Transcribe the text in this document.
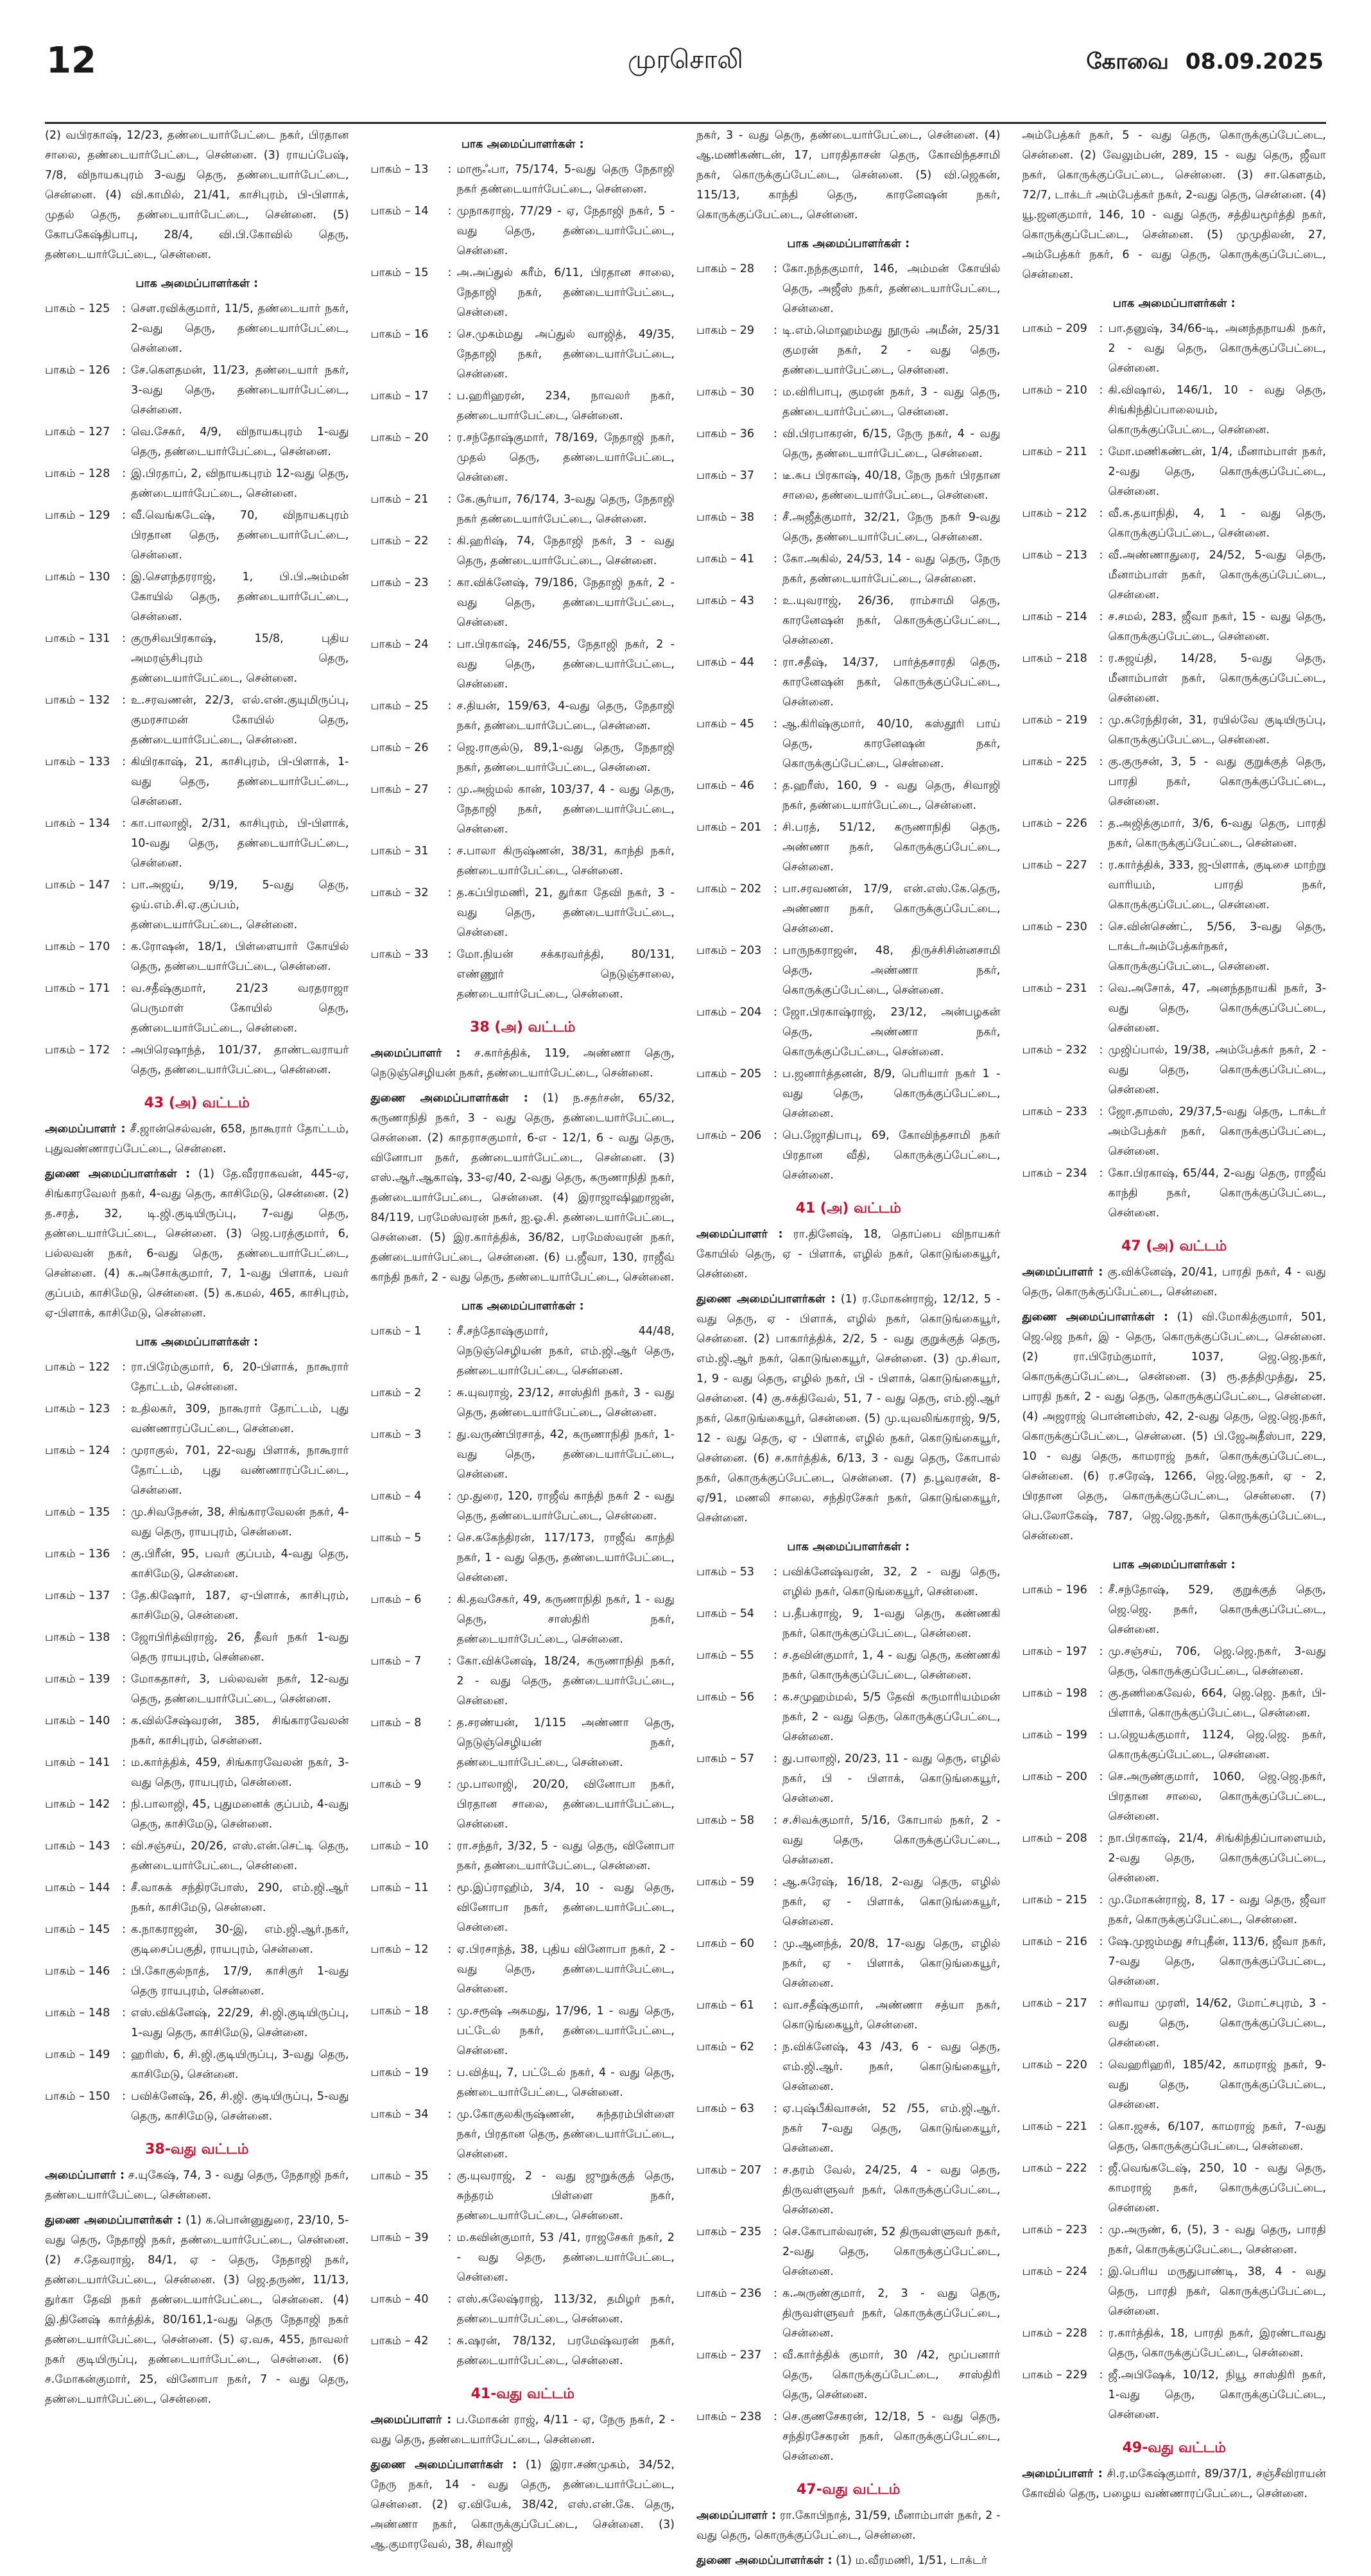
12	முரசொலி	கோவை 08.09.2025
(2) வபிரகாஷ், 12/23, தண்டையார்பேட்டை நகர், பிரதான சாலை, தண்டையார்பேட்டை, சென்னை. (3) ராயப்பேஷ், 7/8, விநாயகபுரம் 3-வது தெரு, தண்டையார்பேட்டை, சென்னை. (4) வி.காமில், 21/41, காசிபுரம், பி-பிளாக், முதல் தெரு, தண்டையார்பேட்டை, சென்னை. (5) கோபகேஷ்திபாபு, 28/4, வி.பி.கோவில் தெரு, தண்டையார்பேட்டை, சென்னை.
பாக அமைப்பாளர்கள் :
பாகம் – 125	: சௌ.ரவிக்குமார், 11/5, தண்டையார் நகர், 2-வது தெரு, தண்டையார்பேட்டை, சென்னை.
பாகம் – 126	: சே.கௌதமன், 11/23, தண்டையார் நகர், 3-வது தெரு, தண்டையார்பேட்டை, சென்னை.
பாகம் – 127	: வெ.சேகர், 4/9, விநாயகபுரம் 1-வது தெரு, தண்டையார்பேட்டை, சென்னை.
பாகம் – 128	: இ.பிரதாப், 2, விநாயகபுரம் 12-வது தெரு, தண்டையார்பேட்டை, சென்னை.
பாகம் – 129	: வீ.வெங்கடேஷ், 70, விநாயகபுரம் பிரதான தெரு, தண்டையார்பேட்டை, சென்னை.
பாகம் – 130	: இ.செளந்தரராஜ், 1, பி.பி.அம்மன் கோயில் தெரு, தண்டையார்பேட்டை, சென்னை.
பாகம் – 131	: குருசிவபிரகாஷ், 15/8, புதிய அமரஞ்சிபுரம் தெரு, தண்டையார்பேட்டை, சென்னை.
பாகம் – 132	: உ.சரவணன், 22/3, எல்.என்.குயுமிருப்பு, குமரசாமன் கோயில் தெரு, தண்டையார்பேட்டை, சென்னை.
பாகம் – 133	: கியிரகாஷ், 21, காசிபுரம், பி-பிளாக், 1-வது தெரு, தண்டையார்பேட்டை, சென்னை.
பாகம் – 134	: கா.பாலாஜி, 2/31, காசிபுரம், பி-பிளாக், 10-வது தெரு, தண்டையார்பேட்டை, சென்னை.
பாகம் – 147	: பா.அஜய், 9/19, 5-வது தெரு, ஒய்.எம்.சி.ஏ.குப்பம், தண்டையார்பேட்டை, சென்னை.
பாகம் – 170	: க.ரோஷன், 18/1, பிள்ளையார் கோயில் தெரு, தண்டையார்பேட்டை, சென்னை.
பாகம் – 171	: வ.சதீஷ்குமார், 21/23 வரதராஜா பெருமாள் கோயில் தெரு, தண்டையார்பேட்டை, சென்னை.
பாகம் – 172	: அபிரெஷாந்த், 101/37, தாண்டவராயர் தெரு, தண்டையார்பேட்டை, சென்னை.
43 (அ) வட்டம்
அமைப்பாளர் : சீ.ஜான்செல்வன், 658, நாகூரார் தோட்டம், புதுவண்ணாரப்பேட்டை, சென்னை.
துணை அமைப்பாளர்கள் : (1) தே.வீரராகவன், 445-ஏ, சிங்காரவேலர் நகர், 4-வது தெரு, காசிமேடு, சென்னை. (2) த.சரத், 32, டி.ஜி.குடியிருப்பு, 7-வது தெரு, தண்டையார்பேட்டை, சென்னை. (3) ஜெ.பரத்குமார், 6, பல்லவன் நகர், 6-வது தெரு, தண்டையார்பேட்டை, சென்னை. (4) சு.அசோக்குமார், 7, 1-வது பிளாக், பவர் குப்பம், காசிமேடு, சென்னை. (5) க.கமல், 465, காசிபுரம், ஏ-பிளாக், காசிமேடு, சென்னை.
பாக அமைப்பாளர்கள் :
பாகம் – 122	: ரா.பிரேம்குமார், 6, 20-பிளாக், நாகூரார் தோட்டம், சென்னை.
பாகம் – 123	: உதிலகர், 309, நாகூரார் தோட்டம், புது வண்ணாரப்பேட்டை, சென்னை.
பாகம் – 124	: முராகுல், 701, 22-வது பிளாக், நாகூரார் தோட்டம், புது வண்ணாரப்பேட்டை, சென்னை.
பாகம் – 135	: மு.சிவநேசன், 38, சிங்காரவேலன் நகர், 4-வது தெரு, ராயபுரம், சென்னை.
பாகம் – 136	: கு.பிரீன், 95, பவர் குப்பம், 4-வது தெரு, காசிமேடு, சென்னை.
பாகம் – 137	: தே.கிஷோர், 187, ஏ-பிளாக், காசிபுரம், காசிமேடு, சென்னை.
பாகம் – 138	: ஜோபிரித்விராஜ், 26, தீவர் நகர் 1-வது தெரு ராயபுரம், சென்னை.
பாகம் – 139	: மோகதாசர், 3, பல்லவன் நகர், 12-வது தெரு, தண்டையார்பேட்டை, சென்னை.
பாகம் – 140	: க.வில்சேஷ்வரன், 385, சிங்காரவேலன் நகர், காசிபுரம், சென்னை.
பாகம் – 141	: ம.கார்த்திக், 459, சிங்காரவேலன் நகர், 3-வது தெரு, ராயபுரம், சென்னை.
பாகம் – 142	: நி.பாலாஜி, 45, புதுமனைக் குப்பம், 4-வது தெரு, காசிமேடு, சென்னை.
பாகம் – 143	: வி.சஞ்சய், 20/26, எஸ்.என்.செட்டி தெரு, தண்டையார்பேட்டை, சென்னை.
பாகம் – 144	: சீ.வாசுக் சந்திரபோஸ், 290, எம்.ஜி.ஆர் நகர், காசிமேடு, சென்னை.
பாகம் – 145	: க.நாகராஜன், 30-இ, எம்.ஜி.ஆர்.நகர், குடிசைப்பகுதி, ராயபுரம், சென்னை.
பாகம் – 146	: பி.கோகுல்நாத், 17/9, காசிகுர் 1-வது தெரு ராயபுரம், சென்னை.
பாகம் – 148	: எஸ்.விக்னேஷ், 22/29, சி.ஜி.குடியிருப்பு, 1-வது தெரு, காசிமேடு, சென்னை.
பாகம் – 149	: ஹரிஸ், 6, சி.ஜி.குடியிருப்பு, 3-வது தெரு, காசிமேடு, சென்னை.
பாகம் – 150	: பவிக்னேஷ், 26, சி.ஜி. குடியிருப்பு, 5-வது தெரு, காசிமேடு, சென்னை.
38-வது வட்டம்
அமைப்பாளர் : ச.யுகேஷ், 74, 3 - வது தெரு, நேதாஜி நகர், தண்டையார்பேட்டை, சென்னை.
துணை அமைப்பாளர்கள் : (1) க.பொன்னுதுரை, 23/10, 5-வது தெரு, நேதாஜி நகர், தண்டையார்பேட்டை, சென்னை. (2) ச.தேவராஜ், 84/1, ஏ - தெரு, நேதாஜி நகர், தண்டையார்பேட்டை, சென்னை. (3) ஜெ.தருண், 11/13, துர்கா தேவி நகர் தண்டையார்பேட்டை, சென்னை. (4) இ.தினேஷ் கார்த்திக், 80/161,1-வது தெரு நேதாஜி நகர் தண்டையார்பேட்டை, சென்னை. (5) ஏ.வசு, 455, நாவலர் நகர் குடியிருப்பு, தண்டையார்பேட்டை, சென்னை. (6) ச.மோகன்குமார், 25, வினோபா நகர், 7 - வது தெரு, தண்டையார்பேட்டை, சென்னை.
பாக அமைப்பாளர்கள் :
பாகம் – 13	: மாரூஃபா, 75/174, 5-வது தெரு நேதாஜி நகர் தண்டையார்பேட்டை, சென்னை.
பாகம் – 14	: முநாகராஜ், 77/29 - ஏ, நேதாஜி நகர், 5 - வது தெரு, தண்டையார்பேட்டை, சென்னை.
பாகம் – 15	: அ.அப்துல் கரீம், 6/11, பிரதான சாலை, நேதாஜி நகர், தண்டையார்பேட்டை, சென்னை.
பாகம் – 16	: செ.முகம்மது அப்துல் வாஜித், 49/35, நேதாஜி நகர், தண்டையார்பேட்டை, சென்னை.
பாகம் – 17	: ப.ஹரிஹரன், 234, நாவலர் நகர், தண்டையார்பேட்டை, சென்னை.
பாகம் – 20	: ர.சந்தோஷ்குமார், 78/169, நேதாஜி நகர், முதல் தெரு, தண்டையார்பேட்டை, சென்னை.
பாகம் – 21	: கே.சூர்யா, 76/174, 3-வது தெரு, நேதாஜி நகர் தண்டையார்பேட்டை, சென்னை.
பாகம் – 22	: கி.ஹரிஷ், 74, நேதாஜி நகர், 3 - வது தெரு, தண்டையார்பேட்டை, சென்னை.
பாகம் – 23	: கா.விக்னேஷ், 79/186, நேதாஜி நகர், 2 - வது தெரு, தண்டையார்பேட்டை, சென்னை.
பாகம் – 24	: பா.பிரகாஷ், 246/55, நேதாஜி நகர், 2 - வது தெரு, தண்டையார்பேட்டை, சென்னை.
பாகம் – 25	: ச.தியன், 159/63, 4-வது தெரு, நேதாஜி நகர், தண்டையார்பேட்டை, சென்னை.
பாகம் – 26	: ஜெ.ராகுல்டு, 89,1-வது தெரு, நேதாஜி நகர், தண்டையார்பேட்டை, சென்னை.
பாகம் – 27	: மு.அஜ்மல் கான், 103/37, 4 - வது தெரு, நேதாஜி நகர், தண்டையார்பேட்டை, சென்னை.
பாகம் – 31	: ச.பாலா கிருஷ்ணன், 38/31, காந்தி நகர், தண்டையார்பேட்டை, சென்னை.
பாகம் – 32	: த.கப்பிரமணி, 21, துர்கா தேவி நகர், 3 - வது தெரு, தண்டையார்பேட்டை, சென்னை.
பாகம் – 33	: மோ.நியன் சக்கரவர்த்தி, 80/131, எண்ணூர் நெடுஞ்சாலை, தண்டையார்பேட்டை, சென்னை.
38 (அ) வட்டம்
அமைப்பாளர் : ச.கார்த்திக், 119, அண்ணா தெரு, நெடுஞ்செழியன் நகர், தண்டையார்பேட்டை, சென்னை.
துணை அமைப்பாளர்கள் : (1) ந.சதர்சன், 65/32, கருணாநிதி நகர், 3 - வது தெரு, தண்டையார்பேட்டை, சென்னை. (2) காதராசகுமார், 6-எ - 12/1, 6 - வது தெரு, வினோபா நகர், தண்டையார்பேட்டை, சென்னை. (3) எஸ்.ஆர்.ஆகாஷ், 33-ஏ/40, 2-வது தெரு, கருணாநிதி நகர், தண்டையார்பேட்டை, சென்னை. (4) இராஜாஷிஹாஜன், 84/119, பரமேஸ்வரன் நகர், ஐ.ஓ.சி. தண்டையார்பேட்டை, சென்னை. (5) இர.கார்த்திக், 36/82, பரமேஸ்வரன் நகர், தண்டையார்பேட்டை, சென்னை. (6) ப.ஜீவா, 130, ராஜீவ் காந்தி நகர், 2 - வது தெரு, தண்டையார்பேட்டை, சென்னை.
பாக அமைப்பாளர்கள் :
பாகம் – 1	: சீ.சந்தோஷ்குமார், 44/48, நெடுஞ்செழியன் நகர், எம்.ஜி.ஆர் தெரு, தண்டையார்பேட்டை, சென்னை.
பாகம் – 2	: சு.யுவராஜ், 23/12, சாஸ்திரி நகர், 3 - வது தெரு, தண்டையார்பேட்டை, சென்னை.
பாகம் – 3	: து.வருண்பிரசாத், 42, கருணாநிதி நகர், 1-வது தெரு, தண்டையார்பேட்டை, சென்னை.
பாகம் – 4	: மு.துரை, 120, ராஜீவ் காந்தி நகர் 2 - வது தெரு, தண்டையார்பேட்டை, சென்னை.
பாகம் – 5	: செ.சுகேந்திரன், 117/173, ராஜீவ் காந்தி நகர், 1 - வது தெரு, தண்டையார்பேட்டை, சென்னை.
பாகம் – 6	: கி.தவசேகர், 49, கருணாநிதி நகர், 1 - வது தெரு, சாஸ்திரி நகர், தண்டையார்பேட்டை, சென்னை.
பாகம் – 7	: கோ.விக்னேஷ், 18/24, கருணாநிதி நகர், 2 - வது தெரு, தண்டையார்பேட்டை, சென்னை.
பாகம் – 8	: த.சரண்யன், 1/115 அண்ணா தெரு, நெடுஞ்செழியன் நகர், தண்டையார்பேட்டை, சென்னை.
பாகம் – 9	: மு.பாலாஜி, 20/20, வினோபா நகர், பிரதான சாலை, தண்டையார்பேட்டை, சென்னை.
பாகம் – 10	: ரா.சந்தர், 3/32, 5 - வது தெரு, வினோபா நகர், தண்டையார்பேட்டை, சென்னை.
பாகம் – 11	: மூ.இப்ராஹிம், 3/4, 10 - வது தெரு, வினோபா நகர், தண்டையார்பேட்டை, சென்னை.
பாகம் – 12	: ஏ.பிரசாந்த், 38, புதிய வினோபா நகர், 2 - வது தெரு, தண்டையார்பேட்டை, சென்னை.
பாகம் – 18	: மு.சரூஷ் அகமது, 17/96, 1 - வது தெரு, பட்டேல் நகர், தண்டையார்பேட்டை, சென்னை.
பாகம் – 19	: ப.வித்யு, 7, பட்டேல் நகர், 4 - வது தெரு, தண்டையார்பேட்டை, சென்னை.
பாகம் – 34	: மு.கோகுலகிருஷ்ணன், சுந்தரம்பிள்ளை நகர், பிரதான தெரு, தண்டையார்பேட்டை, சென்னை.
பாகம் – 35	: கு.யுவராஜ், 2 - வது ஜுறுக்குத் தெரு, சுந்தரம் பிள்ளை நகர், தண்டையார்பேட்டை, சென்னை.
பாகம் – 39	: ம.கவின்குமார், 53 /41, ராஜசேகர் நகர், 2 - வது தெரு, தண்டையார்பேட்டை, சென்னை.
பாகம் – 40	: எஸ்.சுலேஷ்ராஜ், 113/32, தமிழர் நகர், தண்டையார்பேட்டை, சென்னை.
பாகம் – 42	: சு.ஷரன், 78/132, பரமேஷ்வரன் நகர், தண்டையார்பேட்டை, சென்னை.
41-வது வட்டம்
அமைப்பாளர் : ப.மோகன் ராஜ், 4/11 - ஏ, நேரு நகர், 2 - வது தெரு, தண்டையார்பேட்டை, சென்னை.
துணை அமைப்பாளர்கள் : (1) இரா.சண்முகம், 34/52, நேரு நகர், 14 - வது தெரு, தண்டையார்பேட்டை, சென்னை. (2) ஏ.வியேக், 38/42, எஸ்.என்.கே. தெரு, அண்ணா நகர், கொருக்குப்பேட்டை, சென்னை. (3) ஆ.குமாரவேல், 38, சிவாஜி
நகர், 3 - வது தெரு, தண்டையார்பேட்டை, சென்னை. (4) ஆ.மணிகண்டன், 17, பாரதிதாசன் தெரு, கோவிந்தசாமி நகர், கொருக்குப்பேட்டை, சென்னை. (5) வி.ஜெகன், 115/13, காந்தி தெரு, காரனேஷன் நகர், கொருக்குப்பேட்டை, சென்னை.
பாக அமைப்பாளர்கள் :
பாகம் – 28	: கோ.நந்தகுமார், 146, அம்மன் கோயில் தெரு, அஜீஸ் நகர், தண்டையார்பேட்டை, சென்னை.
பாகம் – 29	: டி.எம்.மொஹம்மது நூருல் அமீன், 25/31 குமரன் நகர், 2 - வது தெரு, தண்டையார்பேட்டை, சென்னை.
பாகம் – 30	: ம.விரிபாபு, குமரன் நகர், 3 - வது தெரு, தண்டையார்பேட்டை, சென்னை.
பாகம் – 36	: வி.பிரபாகரன், 6/15, நேரு நகர், 4 - வது தெரு, தண்டையார்பேட்டை, சென்னை.
பாகம் – 37	: டீ.சுப பிரகாஷ், 40/18, நேரு நகர் பிரதான சாலை, தண்டையார்பேட்டை, சென்னை.
பாகம் – 38	: சீ.அஜீத்குமார், 32/21, நேரு நகர் 9-வது தெரு, தண்டையார்பேட்டை, சென்னை.
பாகம் – 41	: கோ.அகில், 24/53, 14 - வது தெரு, நேரு நகர், தண்டையார்பேட்டை, சென்னை.
பாகம் – 43	: உ.யுவராஜ், 26/36, ராம்சாமி தெரு, காரனேஷன் நகர், கொருக்குப்பேட்டை, சென்னை.
பாகம் – 44	: ரா.சதீஷ், 14/37, பார்த்தசாரதி தெரு, காரனேஷன் நகர், கொருக்குப்பேட்டை, சென்னை.
பாகம் – 45	: ஆ.கிரிஷ்குமார், 40/10, கஸ்தூரி பாய் தெரு, காரனேஷன் நகர், கொருக்குப்பேட்டை, சென்னை.
பாகம் – 46	: த.ஹரீஸ், 160, 9 - வது தெரு, சிவாஜி நகர், தண்டையார்பேட்டை, சென்னை.
பாகம் – 201	: சி.பரத், 51/12, கருணாநிதி தெரு, அண்ணா நகர், கொருக்குப்பேட்டை, சென்னை.
பாகம் – 202	: பா.சரவணன், 17/9, என்.எஸ்.கே.தெரு, அண்ணா நகர், கொருக்குப்பேட்டை, சென்னை.
பாகம் – 203	: பாருநகராஜன், 48, திருச்சிசின்னசாமி தெரு, அண்ணா நகர், கொருக்குப்பேட்டை, சென்னை.
பாகம் – 204	: ஜோ.பிரகாஷ்ராஜ், 23/12, அன்பழகன் தெரு, அண்ணா நகர், கொருக்குப்பேட்டை, சென்னை.
பாகம் – 205	: ப.ஜனார்த்தனன், 8/9, பெரியார் நகர் 1 - வது தெரு, கொருக்குப்பேட்டை, சென்னை.
பாகம் – 206	: பெ.ஜோதிபாபு, 69, கோவிந்தசாமி நகர் பிரதான வீதி, கொருக்குப்பேட்டை, சென்னை.
41 (அ) வட்டம்
அமைப்பாளர் : ரா.தினேஷ், 18, தொப்பை விநாயகர் கோயில் தெரு, ஏ - பிளாக், எழில் நகர், கொடுங்கையூர், சென்னை.
துணை அமைப்பாளர்கள் : (1) ர.மோகன்ராஜ், 12/12, 5 - வது தெரு, ஏ - பிளாக், எழில் நகர், கொடுங்கையூர், சென்னை. (2) பாகார்த்திக், 2/2, 5 - வது குறுக்குத் தெரு, எம்.ஜி.ஆர் நகர், கொடுங்கையூர், சென்னை. (3) மு.சிவா, 1, 9 - வது தெரு, எழில் நகர், பி - பிளாக், கொடுங்கையூர், சென்னை. (4) கு.சக்திவேல், 51, 7 - வது தெரு, எம்.ஜி.ஆர் நகர், கொடுங்கையூர், சென்னை. (5) மு.யுவலிங்கராஜ், 9/5, 12 - வது தெரு, ஏ - பிளாக், எழில் நகர், கொடுங்கையூர், சென்னை. (6) ச.கார்த்திக், 6/13, 3 - வது தெரு, கோபால் நகர், கொருக்குப்பேட்டை, சென்னை. (7) த.பூவரசன், 8-ஏ/91, மணலி சாலை, சந்திரசேகர் நகர், கொடுங்கையூர், சென்னை.
பாக அமைப்பாளர்கள் :
பாகம் – 53	: பவிக்னேஷ்வரன், 32, 2 - வது தெரு, எழில் நகர், கொடுங்கையூர், சென்னை.
பாகம் – 54	: ப.தீபக்ராஜ், 9, 1-வது தெரு, கண்ணகி நகர், கொருக்குப்பேட்டை, சென்னை.
பாகம் – 55	: ச.தவின்குமார், 1, 4 - வது தெரு, கண்ணகி நகர், கொருக்குப்பேட்டை, சென்னை.
பாகம் – 56	: க.சமுஹம்மல், 5/5 தேவி கருமாரியம்மன் நகர், 2 - வது தெரு, கொருக்குப்பேட்டை, சென்னை.
பாகம் – 57	: து.பாலாஜி, 20/23, 11 - வது தெரு, எழில் நகர், பி - பிளாக், கொடுங்கையூர், சென்னை.
பாகம் – 58	: ச.சிவக்குமார், 5/16, கோபால் நகர், 2 - வது தெரு, கொருக்குப்பேட்டை, சென்னை.
பாகம் – 59	: ஆ.சுரேஷ், 16/18, 2-வது தெரு, எழில் நகர், ஏ - பிளாக், கொடுங்கையூர், சென்னை.
பாகம் – 60	: மு.ஆனந்த், 20/8, 17-வது தெரு, எழில் நகர், ஏ - பிளாக், கொடுங்கையூர், சென்னை.
பாகம் – 61	: வா.சதீஷ்குமார், அண்ணா சத்யா நகர், கொடுங்கையூர், சென்னை.
பாகம் – 62	: ந.விக்னேஷ், 43 /43, 6 - வது தெரு, எம்.ஜி.ஆர். நகர், கொடுங்கையூர், சென்னை.
பாகம் – 63	: ஏ.புஷ்பீகிவாசன், 52 /55, எம்.ஜி.ஆர். நகர் 7-வது தெரு, கொடுங்கையூர், சென்னை.
பாகம் – 207	: ச.தரம் வேல், 24/25, 4 - வது தெரு, திருவள்ளுவர் நகர், கொருக்குப்பேட்டை, சென்னை.
பாகம் – 235	: செ.கோபால்வரன், 52 திருவள்ளுவர் நகர், 2-வது தெரு, கொருக்குப்பேட்டை, சென்னை.
பாகம் – 236	: க.அருண்குமார், 2, 3 - வது தெரு, திருவள்ளுவர் நகர், கொருக்குப்பேட்டை, சென்னை.
பாகம் – 237	: வீ.கார்த்திக் குமார், 30 /42, மூப்பனார் தெரு, கொருக்குப்பேட்டை, சாஸ்திரி தெரு, சென்னை.
பாகம் – 238	: செ.குணசேகரன், 12/18, 5 - வது தெரு, சந்திரசேகரன் நகர், கொருக்குப்பேட்டை, சென்னை.
47-வது வட்டம்
அமைப்பாளர் : ரா.கோபிநாத், 31/59, மீனாம்பாள் நகர், 2 - வது தெரு, கொருக்குப்பேட்டை, சென்னை.
துணை அமைப்பாளர்கள் : (1) ம.வீரமணி, 1/51, டாக்டர்
அம்பேத்கர் நகர், 5 - வது தெரு, கொருக்குப்பேட்டை, சென்னை. (2) வேலும்பன், 289, 15 - வது தெரு, ஜீவா நகர், கொருக்குப்பேட்டை, சென்னை. (3) சா.கௌதம், 72/7, டாக்டர் அம்பேத்கர் நகர், 2-வது தெரு, சென்னை. (4) யூ.ஜனகுமார், 146, 10 - வது தெரு, சத்தியமூர்த்தி நகர், கொருக்குப்பேட்டை, சென்னை. (5) முமுதிலன், 27, அம்பேத்கர் நகர், 6 - வது தெரு, கொருக்குப்பேட்டை, சென்னை.
பாக அமைப்பாளர்கள் :
பாகம் – 209	: பா.தனுஷ், 34/66-டி, அனந்தநாயகி நகர், 2 - வது தெரு, கொருக்குப்பேட்டை, சென்னை.
பாகம் – 210	: கி.விஷால், 146/1, 10 - வது தெரு, சிங்கிந்திப்பாலையம், கொருக்குப்பேட்டை, சென்னை.
பாகம் – 211	: மோ.மணிகண்டன், 1/4, மீனாம்பாள் நகர், 2-வது தெரு, கொருக்குப்பேட்டை, சென்னை.
பாகம் – 212	: வீ.க.தயாநிதி, 4, 1 - வது தெரு, கொருக்குப்பேட்டை, சென்னை.
பாகம் – 213	: வீ.அண்ணாதுரை, 24/52, 5-வது தெரு, மீனாம்பாள் நகர், கொருக்குப்பேட்டை, சென்னை.
பாகம் – 214	: ச.சமல், 283, ஜீவா நகர், 15 - வது தெரு, கொருக்குப்பேட்டை, சென்னை.
பாகம் – 218	: ர.சுஜய்தி, 14/28, 5-வது தெரு, மீனாம்பாள் நகர், கொருக்குப்பேட்டை, சென்னை.
பாகம் – 219	: மு.சுரேந்திரன், 31, ரயில்வே குடியிருப்பு, கொருக்குப்பேட்டை, சென்னை.
பாகம் – 225	: கு.குருசன், 3, 5 - வது குறுக்குத் தெரு, பாரதி நகர், கொருக்குப்பேட்டை, சென்னை.
பாகம் – 226	: த.அஜித்குமார், 3/6, 6-வது தெரு, பாரதி நகர், கொருக்குப்பேட்டை, சென்னை.
பாகம் – 227	: ர.கார்த்திக், 333, ஜ-பிளாக், குடிசை மாற்று வாரியம், பாரதி நகர், கொருக்குப்பேட்டை, சென்னை.
பாகம் – 230	: செ.வின்செண்ட், 5/56, 3-வது தெரு, டாக்டர்அம்பேத்கர்நகர், கொருக்குப்பேட்டை, சென்னை.
பாகம் – 231	: வெ.அசோக், 47, அனந்தநாயகி நகர், 3-வது தெரு, கொருக்குப்பேட்டை, சென்னை.
பாகம் – 232	: முஜிப்பால், 19/38, அம்பேத்கர் நகர், 2 - வது தெரு, கொருக்குப்பேட்டை, சென்னை.
பாகம் – 233	: ஜோ.தாமஸ், 29/37,5-வது தெரு, டாக்டர் அம்பேத்கர் நகர், கொருக்குப்பேட்டை, சென்னை.
பாகம் – 234	: கோ.பிரகாஷ், 65/44, 2-வது தெரு, ராஜீவ் காந்தி நகர், கொருக்குப்பேட்டை, சென்னை.
47 (அ) வட்டம்
அமைப்பாளர் : கு.விக்னேஷ், 20/41, பாரதி நகர், 4 - வது தெரு, கொருக்குப்பேட்டை, சென்னை.
துணை அமைப்பாளர்கள் : (1) வி.மோகித்குமார், 501, ஜெ.ஜெ நகர், இ - தெரு, கொருக்குப்பேட்டை, சென்னை. (2) ரா.பிரேம்குமார், 1037, ஜெ.ஜெ.நகர், கொருக்குப்பேட்டை, சென்னை. (3) ரூ.தத்திமுத்து, 25, பாரதி நகர், 2 - வது தெரு, கொருக்குப்பேட்டை, சென்னை. (4) அஜராஜ் பொன்னம்ஸ், 42, 2-வது தெரு, ஜெ.ஜெ.நகர், கொருக்குப்பேட்டை, சென்னை. (5) பி.ஜேஅதீஸ்பா, 229, 10 - வது தெரு, காமராஜ் நகர், கொருக்குப்பேட்டை, சென்னை. (6) ர.சரேஷ், 1266, ஜெ.ஜெ.நகர், ஏ - 2, பிரதான தெரு, கொருக்குப்பேட்டை, சென்னை. (7) பெ.லோகேஷ், 787, ஜெ.ஜெ.நகர், கொருக்குப்பேட்டை, சென்னை.
பாக அமைப்பாளர்கள் :
பாகம் – 196	: சீ.சந்தோஷ், 529, குறுக்குத் தெரு, ஜெ.ஜெ. நகர், கொருக்குப்பேட்டை, சென்னை.
பாகம் – 197	: மு.சஞ்சய், 706, ஜெ.ஜெ.நகர், 3-வது தெரு, கொருக்குப்பேட்டை, சென்னை.
பாகம் – 198	: கு.தணிகைவேல், 664, ஜெ.ஜெ. நகர், பி-பிளாக், கொருக்குப்பேட்டை, சென்னை.
பாகம் – 199	: ப.ஜெயக்குமார், 1124, ஜெ.ஜெ. நகர், கொருக்குப்பேட்டை, சென்னை.
பாகம் – 200	: செ.அருண்குமார், 1060, ஜெ.ஜெ.நகர், பிரதான சாலை, கொருக்குப்பேட்டை, சென்னை.
பாகம் – 208	: நா.பிரகாஷ், 21/4, சிங்கிந்திப்பாளையம், 2-வது தெரு, கொருக்குப்பேட்டை, சென்னை.
பாகம் – 215	: மு.மோகன்ராஜ், 8, 17 - வது தெரு, ஜீவா நகர், கொருக்குப்பேட்டை, சென்னை.
பாகம் – 216	: ஷே.முஜம்மது சர்புதீன், 113/6, ஜீவா நகர், 7-வது தெரு, கொருக்குப்பேட்டை, சென்னை.
பாகம் – 217	: சரிவாய முரளி, 14/62, மோட்சபுரம், 3 - வது தெரு, கொருக்குப்பேட்டை, சென்னை.
பாகம் – 220	: வெஹரிஹரி, 185/42, காமராஜ் நகர், 9-வது தெரு, கொருக்குப்பேட்டை, சென்னை.
பாகம் – 221	: கொ.ஜசக், 6/107, காமராஜ் நகர், 7-வது தெரு, கொருக்குப்பேட்டை, சென்னை.
பாகம் – 222	: ஜீ.வெங்கடேஷ், 250, 10 - வது தெரு, காமராஜ் நகர், கொருக்குப்பேட்டை, சென்னை.
பாகம் – 223	: மு.அருண், 6, (5), 3 - வது தெரு, பாரதி நகர், கொருக்குப்பேட்டை, சென்னை.
பாகம் – 224	: இ.பெரிய மருதுபாண்டி, 38, 4 - வது தெரு, பாரதி நகர், கொருக்குப்பேட்டை, சென்னை.
பாகம் – 228	: ர.கார்த்திக், 18, பாரதி நகர், இரண்டாவது தெரு, கொருக்குப்பேட்டை, சென்னை.
பாகம் – 229	: ஜீ.அபிஷேக், 10/12, நியூ சாஸ்திரி நகர், 1-வது தெரு, கொருக்குப்பேட்டை, சென்னை.
49-வது வட்டம்
அமைப்பாளர் : சி.ர.மகேஷ்குமார், 89/37/1, சஞ்சீவிராயன் கோவில் தெரு, பழைய வண்ணாரப்பேட்டை, சென்னை.
